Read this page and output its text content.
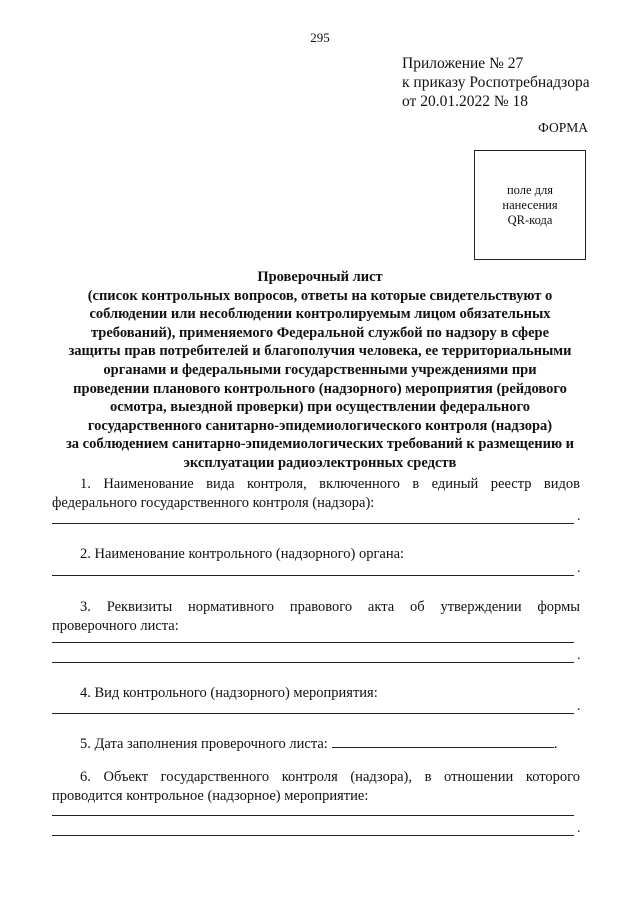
295
Приложение № 27
к приказу Роспотребнадзора
от 20.01.2022 № 18
ФОРМА
поле для
нанесения
QR-кода
Проверочный лист
(список контрольных вопросов, ответы на которые свидетельствуют о
соблюдении или несоблюдении контролируемым лицом обязательных
требований), применяемого Федеральной службой по надзору в сфере
защиты прав потребителей и благополучия человека, ее территориальными
органами и федеральными государственными учреждениями при
проведении планового контрольного (надзорного) мероприятия (рейдового
осмотра, выездной проверки) при осуществлении федерального
государственного санитарно-эпидемиологического контроля (надзора)
за соблюдением санитарно-эпидемиологических требований к размещению и
эксплуатации радиоэлектронных средств
1. Наименование вида контроля, включенного в единый реестр видов
федерального государственного контроля (надзора):
.
2. Наименование контрольного (надзорного) органа:
.
3. Реквизиты нормативного правового акта об утверждении формы
проверочного листа:
.
4. Вид контрольного (надзорного) мероприятия:
.
5. Дата заполнения проверочного листа:	.
6. Объект государственного контроля (надзора), в отношении которого
проводится контрольное (надзорное) мероприятие:
.
